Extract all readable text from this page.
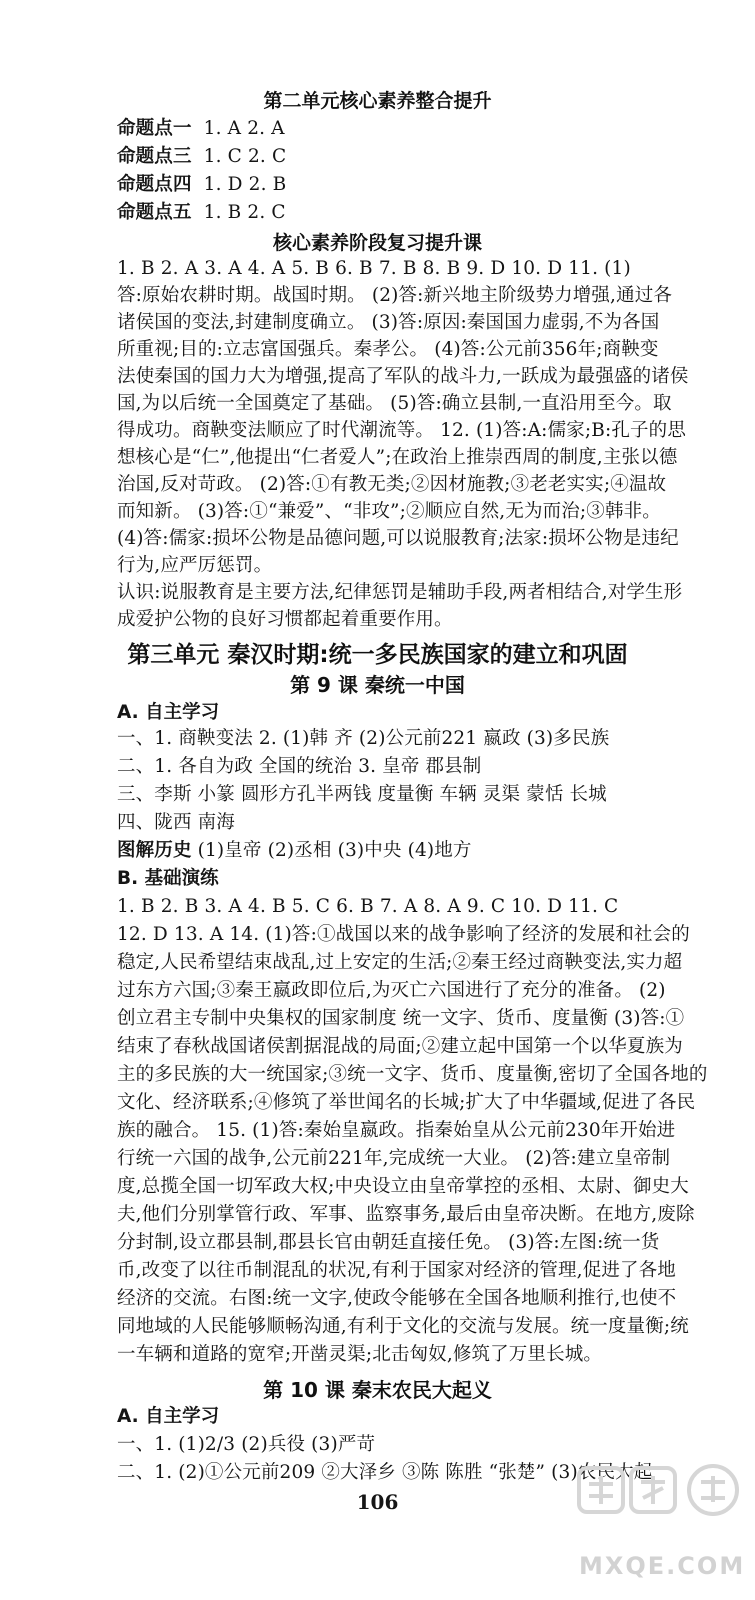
第二单元核心素养整合提升
命题点一 1. A 2. A
命题点三 1. C 2. C
命题点四 1. D 2. B
命题点五 1. B 2. C
核心素养阶段复习提升课
1. B 2. A 3. A 4. A 5. B 6. B 7. B 8. B 9. D 10. D 11. (1)
答:原始农耕时期。战国时期。 (2)答:新兴地主阶级势力增强,通过各
诸侯国的变法,封建制度确立。 (3)答:原因:秦国国力虚弱,不为各国
所重视;目的:立志富国强兵。秦孝公。 (4)答:公元前356年;商鞅变
法使秦国的国力大为增强,提高了军队的战斗力,一跃成为最强盛的诸侯
国,为以后统一全国奠定了基础。 (5)答:确立县制,一直沿用至今。取
得成功。商鞅变法顺应了时代潮流等。 12. (1)答:A:儒家;B:孔子的思
想核心是“仁”,他提出“仁者爱人”;在政治上推崇西周的制度,主张以德
治国,反对苛政。 (2)答:①有教无类;②因材施教;③老老实实;④温故
而知新。 (3)答:①“兼爱”、“非攻”;②顺应自然,无为而治;③韩非。
(4)答:儒家:损坏公物是品德问题,可以说服教育;法家:损坏公物是违纪
行为,应严厉惩罚。
认识:说服教育是主要方法,纪律惩罚是辅助手段,两者相结合,对学生形
成爱护公物的良好习惯都起着重要作用。
第三单元 秦汉时期:统一多民族国家的建立和巩固
第 9 课 秦统一中国
A. 自主学习
一、1. 商鞅变法 2. (1)韩 齐 (2)公元前221 嬴政 (3)多民族
二、1. 各自为政 全国的统治 3. 皇帝 郡县制
三、李斯 小篆 圆形方孔半两钱 度量衡 车辆 灵渠 蒙恬 长城
四、陇西 南海
图解历史 (1)皇帝 (2)丞相 (3)中央 (4)地方
B. 基础演练
1. B 2. B 3. A 4. B 5. C 6. B 7. A 8. A 9. C 10. D 11. C
12. D 13. A 14. (1)答:①战国以来的战争影响了经济的发展和社会的
稳定,人民希望结束战乱,过上安定的生活;②秦王经过商鞅变法,实力超
过东方六国;③秦王嬴政即位后,为灭亡六国进行了充分的准备。 (2)
创立君主专制中央集权的国家制度 统一文字、货币、度量衡 (3)答:①
结束了春秋战国诸侯割据混战的局面;②建立起中国第一个以华夏族为
主的多民族的大一统国家;③统一文字、货币、度量衡,密切了全国各地的
文化、经济联系;④修筑了举世闻名的长城;扩大了中华疆域,促进了各民
族的融合。 15. (1)答:秦始皇嬴政。指秦始皇从公元前230年开始进
行统一六国的战争,公元前221年,完成统一大业。 (2)答:建立皇帝制
度,总揽全国一切军政大权;中央设立由皇帝掌控的丞相、太尉、御史大
夫,他们分别掌管行政、军事、监察事务,最后由皇帝决断。在地方,废除
分封制,设立郡县制,郡县长官由朝廷直接任免。 (3)答:左图:统一货
币,改变了以往币制混乱的状况,有利于国家对经济的管理,促进了各地
经济的交流。右图:统一文字,使政令能够在全国各地顺利推行,也使不
同地域的人民能够顺畅沟通,有利于文化的交流与发展。统一度量衡;统
一车辆和道路的宽窄;开凿灵渠;北击匈奴,修筑了万里长城。
第 10 课 秦末农民大起义
A. 自主学习
一、1. (1)2/3 (2)兵役 (3)严苛
二、1. (2)①公元前209 ②大泽乡 ③陈 陈胜 “张楚” (3)农民大起
106
MXQE.COM
